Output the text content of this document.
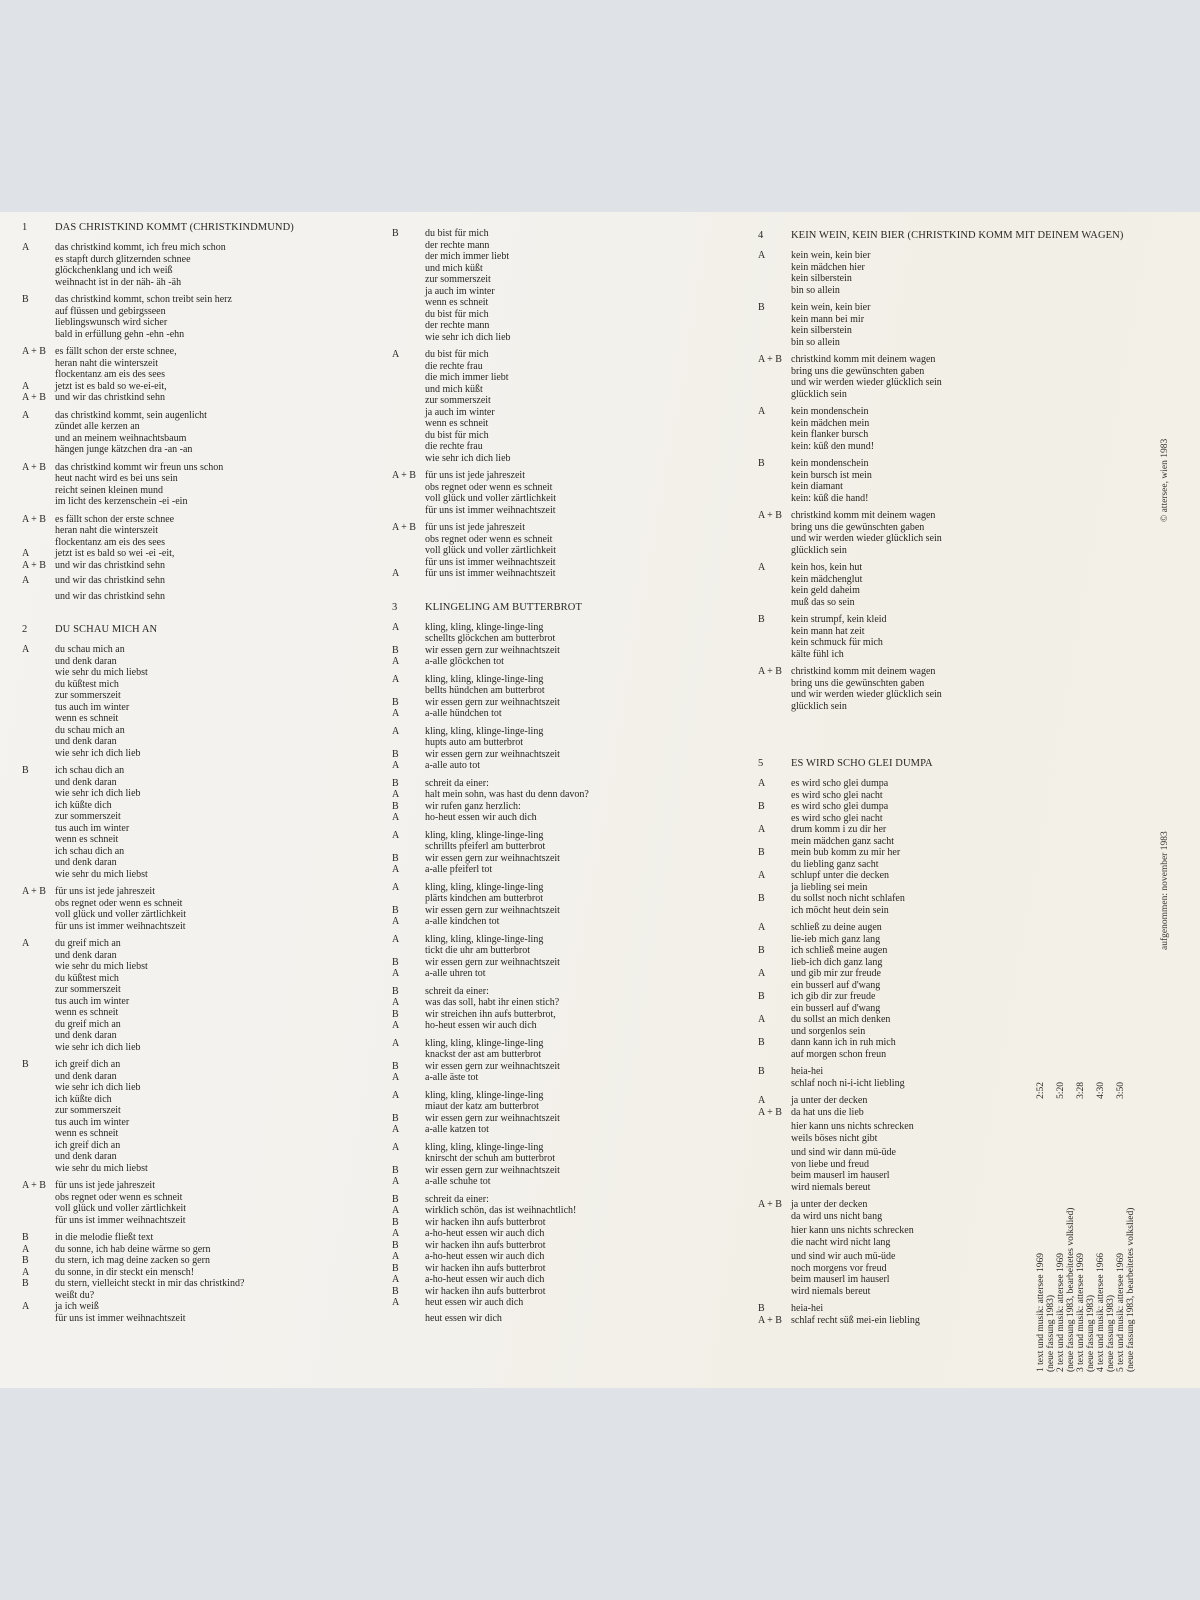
1	DAS CHRISTKIND KOMMT (CHRISTKINDMUND)
A	das christkind kommt, ich freu mich schon
es stapft durch glitzernden schnee
glöckchenklang und ich weiß
weihnacht ist in der näh- äh -äh
B	das christkind kommt, schon treibt sein herz
auf flüssen und gebirgsseen
lieblingswunsch wird sicher
bald in erfüllung gehn -ehn -ehn
A + B es fällt schon der erste schnee,
heran naht die winterszeit
flockentanz am eis des sees
A	jetzt ist es bald so we-ei-eit,
A + B und wir das christkind sehn
A	das christkind kommt, sein augenlicht
zündet alle kerzen an
und an meinem weihnachtsbaum
hängen junge kätzchen dra -an -an
A + B das christkind kommt wir freun uns schon
heut nacht wird es bei uns sein
reicht seinen kleinen mund
im licht des kerzenschein -ei -ein
A + B es fällt schon der erste schnee
heran naht die winterszeit
flockentanz am eis des sees
A	jetzt ist es bald so wei -ei -eit,
A + B und wir das christkind sehn
A	und wir das christkind sehn
und wir das christkind sehn
2	DU SCHAU MICH AN
A	du schau mich an
und denk daran
wie sehr du mich liebst
du küßtest mich
zur sommerszeit
tus auch im winter
wenn es schneit
du schau mich an
und denk daran
wie sehr ich dich lieb
B	ich schau dich an
und denk daran
wie sehr ich dich lieb
ich küßte dich
zur sommerszeit
tus auch im winter
wenn es schneit
ich schau dich an
und denk daran
wie sehr du mich liebst
A + B für uns ist jede jahreszeit
obs regnet oder wenn es schneit
voll glück und voller zärtlichkeit
für uns ist immer weihnachtszeit
A	du greif mich an
und denk daran
wie sehr du mich liebst
du küßtest mich
zur sommerszeit
tus auch im winter
wenn es schneit
du greif mich an
und denk daran
wie sehr ich dich lieb
B	ich greif dich an
und denk daran
wie sehr ich dich lieb
ich küßte dich
zur sommerszeit
tus auch im winter
wenn es schneit
ich greif dich an
und denk daran
wie sehr du mich liebst
A + B für uns ist jede jahreszeit
obs regnet oder wenn es schneit
voll glück und voller zärtlichkeit
für uns ist immer weihnachtszeit
B	in die melodie fließt text
A	du sonne, ich hab deine wärme so gern
B	du stern, ich mag deine zacken so gern
A	du sonne, in dir steckt ein mensch!
B	du stern, vielleicht steckt in mir das christkind?
weißt du?
A	ja ich weiß
für uns ist immer weihnachtszeit
B	du bist für mich
der rechte mann
der mich immer liebt
und mich küßt
zur sommerszeit
ja auch im winter
wenn es schneit
du bist für mich
der rechte mann
wie sehr ich dich lieb
A	du bist für mich
die rechte frau
die mich immer liebt
und mich küßt
zur sommerszeit
ja auch im winter
wenn es schneit
du bist für mich
die rechte frau
wie sehr ich dich lieb
A + B für uns ist jede jahreszeit
obs regnet oder wenn es schneit
voll glück und voller zärtlichkeit
für uns ist immer weihnachtszeit
A + B für uns ist jede jahreszeit
obs regnet oder wenn es schneit
voll glück und voller zärtlichkeit
für uns ist immer weihnachtszeit
A	für uns ist immer weihnachtszeit
3	KLINGELING AM BUTTERBROT
A	kling, kling, klinge-linge-ling
schellts glöckchen am butterbrot
B	wir essen gern zur weihnachtszeit
A	a-alle glöckchen tot
A	kling, kling, klinge-linge-ling
bellts hündchen am butterbrot
B	wir essen gern zur weihnachtszeit
A	a-alle hündchen tot
A	kling, kling, klinge-linge-ling
hupts auto am butterbrot
B	wir essen gern zur weihnachtszeit
A	a-alle auto tot
B	schreit da einer:
A	halt mein sohn, was hast du denn davon?
B	wir rufen ganz herzlich:
A	ho-heut essen wir auch dich
A	kling, kling, klinge-linge-ling
schrillts pfeiferl am butterbrot
B	wir essen gern zur weihnachtszeit
A	a-alle pfeiferl tot
A	kling, kling, klinge-linge-ling
plärts kindchen am butterbrot
B	wir essen gern zur weihnachtszeit
A	a-alle kindchen tot
A	kling, kling, klinge-linge-ling
tickt die uhr am butterbrot
B	wir essen gern zur weihnachtszeit
A	a-alle uhren tot
B	schreit da einer:
A	was das soll, habt ihr einen stich?
B	wir streichen ihn aufs butterbrot,
A	ho-heut essen wir auch dich
A	kling, kling, klinge-linge-ling
knackst der ast am butterbrot
B	wir essen gern zur weihnachtszeit
A	a-alle äste tot
A	kling, kling, klinge-linge-ling
miaut der katz am butterbrot
B	wir essen gern zur weihnachtszeit
A	a-alle katzen tot
A	kling, kling, klinge-linge-ling
knirscht der schuh am butterbrot
B	wir essen gern zur weihnachtszeit
A	a-alle schuhe tot
B	schreit da einer:
A	wirklich schön, das ist weihnachtlich!
B	wir hacken ihn aufs butterbrot
A	a-ho-heut essen wir auch dich
B	wir hacken ihn aufs butterbrot
A	a-ho-heut essen wir auch dich
B	wir hacken ihn aufs butterbrot
A	a-ho-heut essen wir auch dich
B	wir hacken ihn aufs butterbrot
A	heut essen wir auch dich
heut essen wir dich
4	KEIN WEIN, KEIN BIER (CHRISTKIND KOMM MIT DEINEM WAGEN)
A	kein wein, kein bier
kein mädchen hier
kein silberstein
bin so allein
B	kein wein, kein bier
kein mann bei mir
kein silberstein
bin so allein
A + B christkind komm mit deinem wagen
bring uns die gewünschten gaben
und wir werden wieder glücklich sein
glücklich sein
A	kein mondenschein
kein mädchen mein
kein flanker bursch
kein: küß den mund!
B	kein mondenschein
kein bursch ist mein
kein diamant
kein: küß die hand!
A + B christkind komm mit deinem wagen
bring uns die gewünschten gaben
und wir werden wieder glücklich sein
glücklich sein
A	kein hos, kein hut
kein mädchenglut
kein geld daheim
muß das so sein
B	kein strumpf, kein kleid
kein mann hat zeit
kein schmuck für mich
kälte fühl ich
A + B christkind komm mit deinem wagen
bring uns die gewünschten gaben
und wir werden wieder glücklich sein
glücklich sein
5	ES WIRD SCHO GLEI DUMPA
A	es wird scho glei dumpa
es wird scho glei nacht
B	es wird scho glei dumpa
es wird scho glei nacht
A	drum komm i zu dir her
mein mädchen ganz sacht
B	mein bub komm zu mir her
du liebling ganz sacht
A	schlupf unter die decken
ja liebling sei mein
B	du sollst noch nicht schlafen
ich möcht heut dein sein
A	schließ zu deine augen
lie-ieb mich ganz lang
B	ich schließ meine augen
lieb-ich dich ganz lang
A	und gib mir zur freude
ein busserl auf d'wang
B	ich gib dir zur freude
ein busserl auf d'wang
A	du sollst an mich denken
und sorgenlos sein
B	dann kann ich in ruh mich
auf morgen schon freun
B	heia-hei
schlaf noch ni-i-icht liebling
A	ja unter der decken
A + B da hat uns die lieb
hier kann uns nichts schrecken
weils böses nicht gibt
und sind wir dann mü-üde
von liebe und freud
beim mauserl im hauserl
wird niemals bereut
A + B ja unter der decken
da wird uns nicht bang
hier kann uns nichts schrecken
die nacht wird nicht lang
und sind wir auch mü-üde
noch morgens vor freud
beim mauserl im hauserl
wird niemals bereut
B	heia-hei
A + B schlaf recht süß mei-ein liebling
© attersee, wien 1983
aufgenommen: november 1983
1 text und musik: attersee 1969 (neue fassung 1983)
2:52
2 text und musik: attersee 1969 (neue fassung 1983, bearbeitetes volkslied)
5:20
3 text und musik: attersee 1969 (neue fassung 1983)
3:28
4 text und musik: attersee 1966 (neue fassung 1983)
4:30
5 text und musik: attersee 1969 (neue fassung 1983, bearbeitetes volkslied)
3:50
